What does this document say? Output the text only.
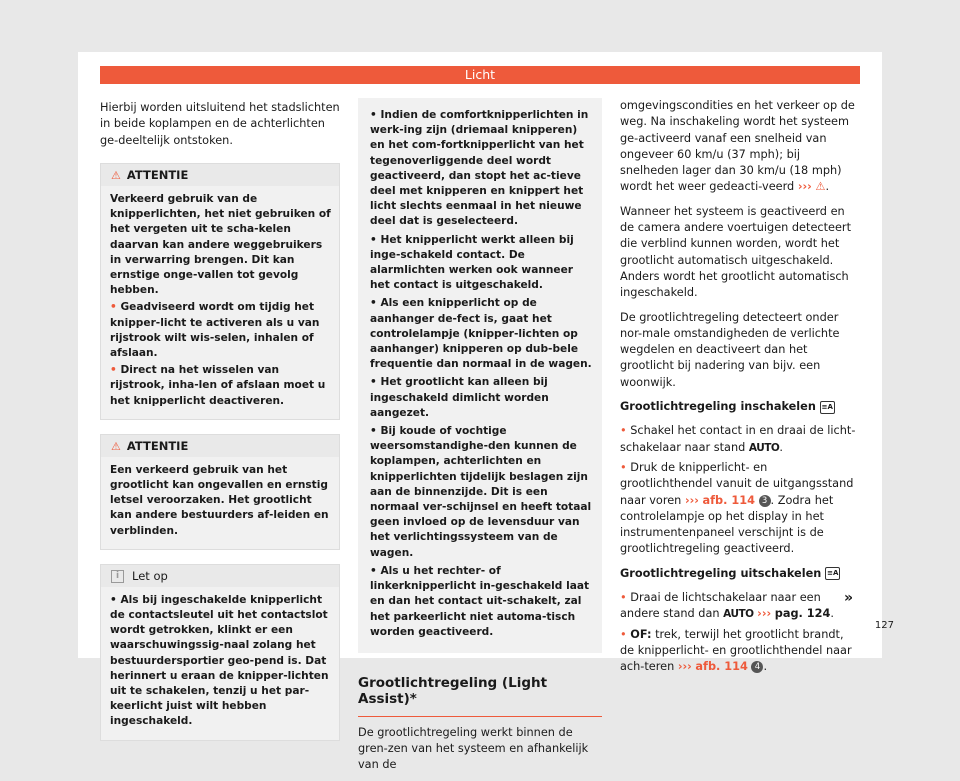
Licht

Hierbij worden uitsluitend het stadslichten in beide koplampen en de achterlichten ge-deeltelijk ontstoken.

⚠ ATTENTIE

Verkeerd gebruik van de knipperlichten, het niet gebruiken of het vergeten uit te scha-kelen daarvan kan andere weggebruikers in verwarring brengen. Dit kan ernstige onge-vallen tot gevolg hebben.

• Geadviseerd wordt om tijdig het knipper-licht te activeren als u van rijstrook wilt wis-selen, inhalen of afslaan.

• Direct na het wisselen van rijstrook, inha-len of afslaan moet u het knipperlicht deactiveren.

⚠ ATTENTIE

Een verkeerd gebruik van het grootlicht kan ongevallen en ernstig letsel veroorzaken. Het grootlicht kan andere bestuurders af-leiden en verblinden.

i Let op

• Als bij ingeschakelde knipperlicht de contactsleutel uit het contactslot wordt getrokken, klinkt er een waarschuwingssig-naal zolang het bestuurdersportier geo-pend is. Dat herinnert u eraan de knipper-lichten uit te schakelen, tenzij u het par-keerlicht juist wilt hebben ingeschakeld.

• Indien de comfortknipperlichten in werk-ing zijn (driemaal knipperen) en het com-fortknipperlicht van het tegenoverliggende deel wordt geactiveerd, dan stopt het ac-tieve deel met knipperen en knippert het licht slechts eenmaal in het nieuwe deel dat is geselecteerd.

• Het knipperlicht werkt alleen bij inge-schakeld contact. De alarmlichten werken ook wanneer het contact is uitgeschakeld.

• Als een knipperlicht op de aanhanger de-fect is, gaat het controlelampje (knipper-lichten op aanhanger) knipperen op dub-bele frequentie dan normaal in de wagen.

• Het grootlicht kan alleen bij ingeschakeld dimlicht worden aangezet.

• Bij koude of vochtige weersomstandighe-den kunnen de koplampen, achterlichten en knipperlichten tijdelijk beslagen zijn aan de binnenzijde. Dit is een normaal ver-schijnsel en heeft totaal geen invloed op de levensduur van het verlichtingssysteem van de wagen.

• Als u het rechter- of linkerknipperlicht in-geschakeld laat en dan het contact uit-schakelt, zal het parkeerlicht niet automa-tisch worden geactiveerd.

Grootlichtregeling (Light Assist)*

De grootlichtregeling werkt binnen de gren-zen van het systeem en afhankelijk van de

omgevingscondities en het verkeer op de weg. Na inschakeling wordt het systeem ge-activeerd vanaf een snelheid van ongeveer 60 km/u (37 mph); bij snelheden lager dan 30 km/u (18 mph) wordt het weer gedeacti-veerd ››› ⚠.

Wanneer het systeem is geactiveerd en de camera andere voertuigen detecteert die verblind kunnen worden, wordt het grootlicht automatisch uitgeschakeld. Anders wordt het grootlicht automatisch ingeschakeld.

De grootlichtregeling detecteert onder nor-male omstandigheden de verlichte wegdelen en deactiveert dan het grootlicht bij nadering van bijv. een woonwijk.

Grootlichtregeling inschakelen ≡A

• Schakel het contact in en draai de licht-schakelaar naar stand AUTO.

• Druk de knipperlicht- en grootlichthendel vanuit de uitgangsstand naar voren ››› afb. 114 3 . Zodra het controlelampje op het display in het instrumentenpaneel verschijnt is de grootlichtregeling geactiveerd.

Grootlichtregeling uitschakelen ≡A

• Draai de lichtschakelaar naar een andere stand dan AUTO ››› pag. 124.

• OF: trek, terwijl het grootlicht brandt, de knipperlicht- en grootlichthendel naar ach-teren ››› afb. 114 4 .

»
127
